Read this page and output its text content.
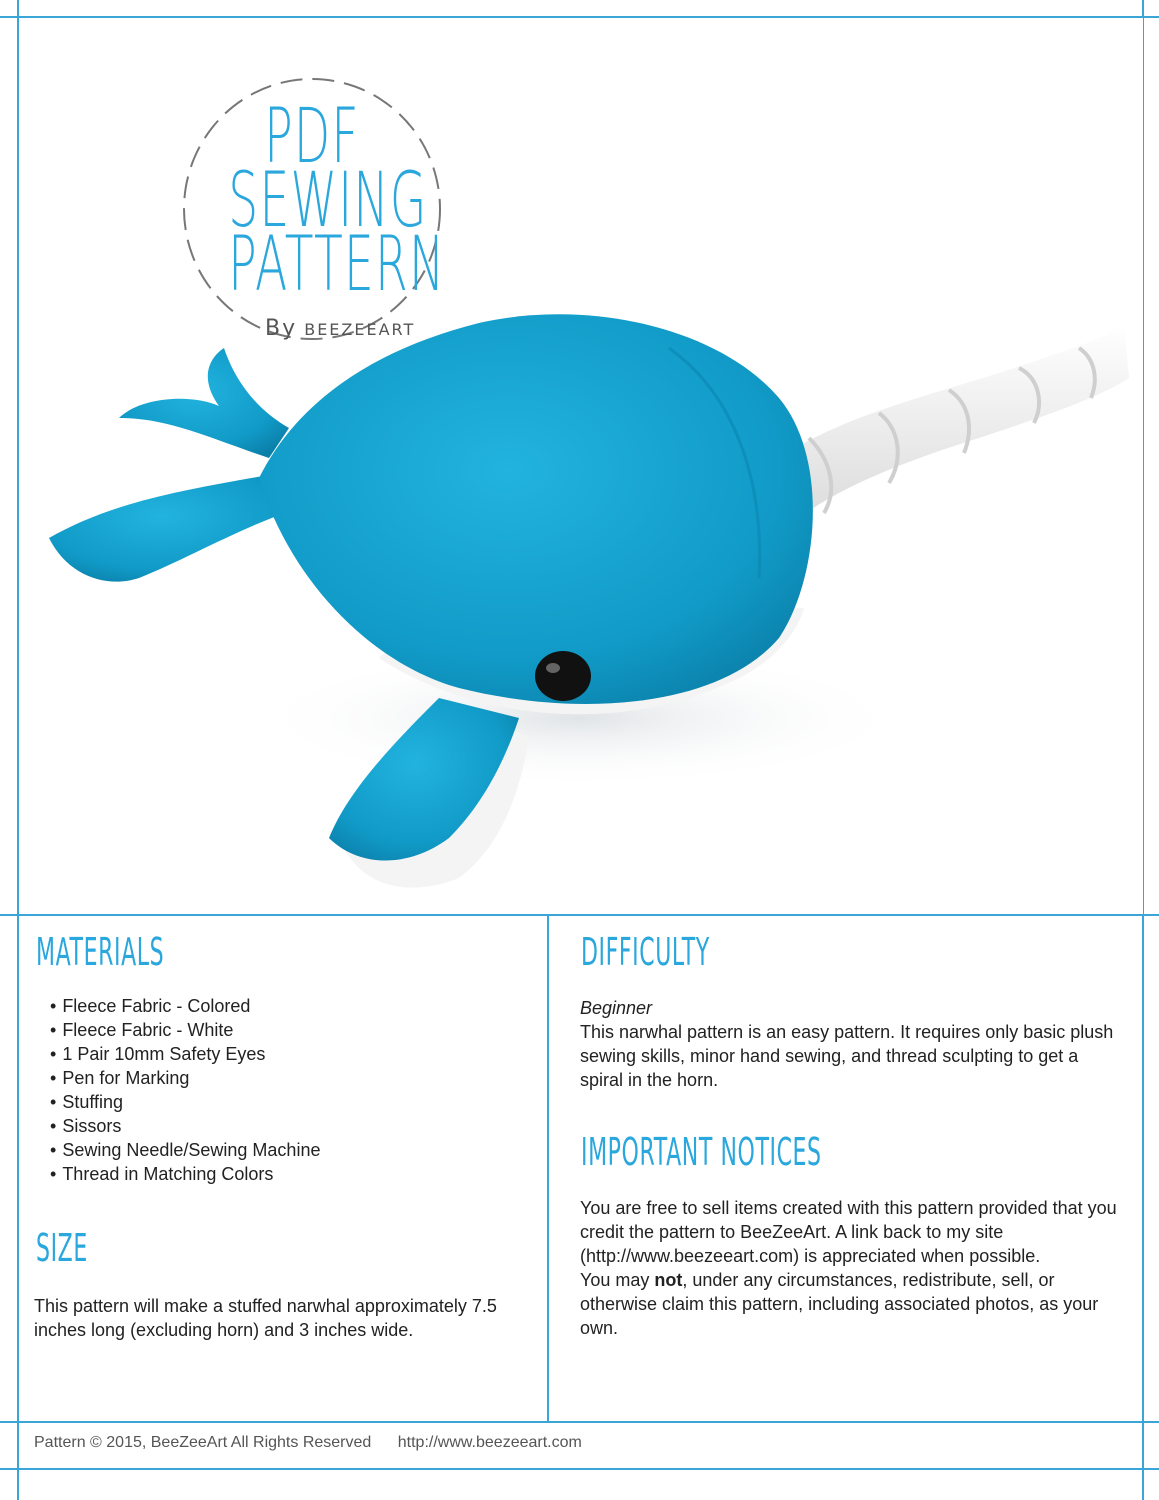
PDF
SEWING
PATTERN
By BEEZEEART
MATERIALS
• Fleece Fabric - Colored
• Fleece Fabric - White
• 1 Pair 10mm Safety Eyes
• Pen for Marking
• Stuffing
• Sissors
• Sewing Needle/Sewing Machine
• Thread in Matching Colors
SIZE

This pattern will make a stuffed narwhal approximately 7.5 inches long (excluding horn) and 3 inches wide.

DIFFICULTY

Beginner

This narwhal pattern is an easy pattern. It requires only basic plush sewing skills, minor hand sewing, and thread sculpting to get a spiral in the horn.

IMPORTANT NOTICES

You are free to sell items created with this pattern provided that you credit the pattern to BeeZeeArt. A link back to my site (http://www.beezeeart.com) is appreciated when possible.

You may not, under any circumstances, redistribute, sell, or otherwise claim this pattern, including associated photos, as your own.

Pattern © 2015, BeeZeeArt All Rights Reserved http://www.beezeeart.com
